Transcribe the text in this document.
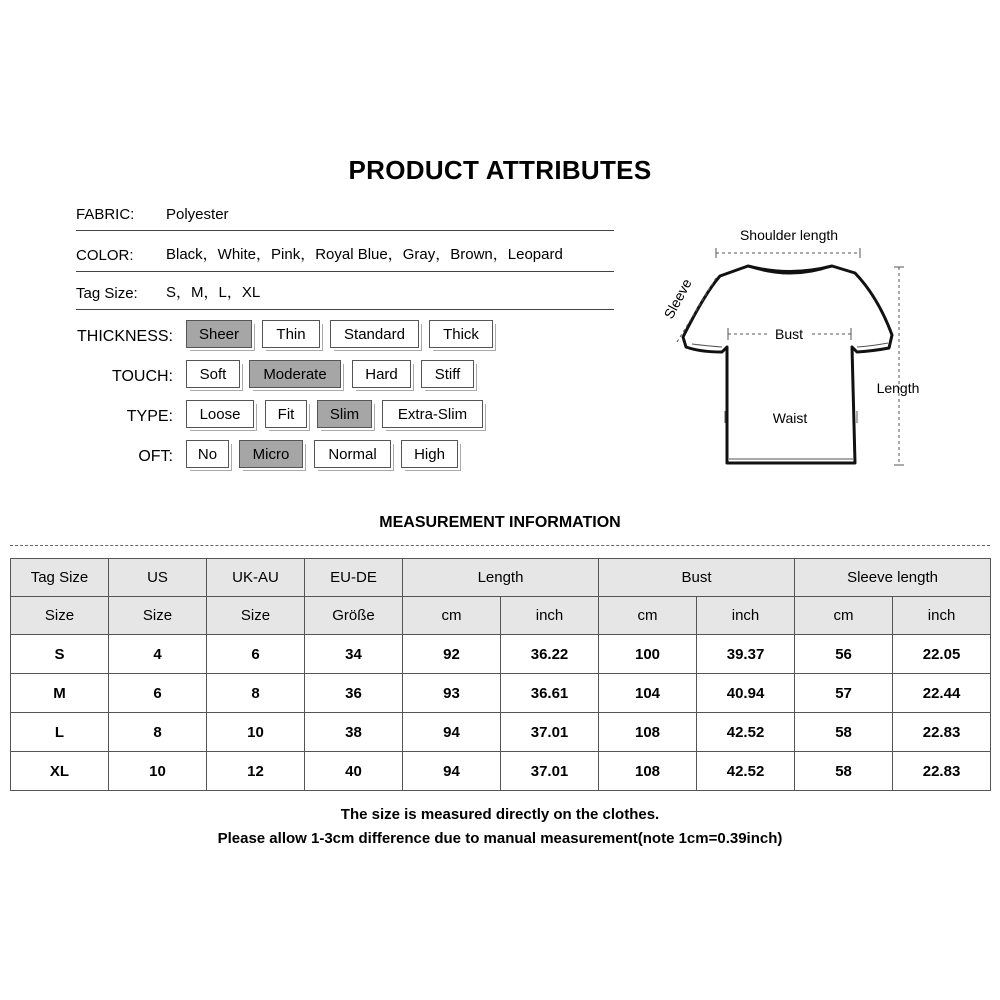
PRODUCT ATTRIBUTES
FABRIC: Polyester
COLOR: Black，White，Pink，Royal Blue，Gray，Brown，Leopard
Tag Size: S，M，L，XL
THICKNESS:
TOUCH:
TYPE:
OFT:
Sheer	Thin	Standard	Thick
Soft	Moderate	Hard	Stiff
Loose	Fit	Slim	Extra-Slim
No	Micro	Normal	High
Shoulder length
Sleeve
Bust
Waist
Length
MEASUREMENT INFORMATION
Tag Size	US	UK-AU	EU-DE	Length		Bust		Sleeve length	
Size	Size	Size	Größe	cm	inch	cm	inch	cm	inch
S	4	6	34	92	36.22	100	39.37	56	22.05
M	6	8	36	93	36.61	104	40.94	57	22.44
L	8	10	38	94	37.01	108	42.52	58	22.83
XL	10	12	40	94	37.01	108	42.52	58	22.83
The size is measured directly on the clothes.
Please allow 1-3cm difference due to manual measurement(note 1cm=0.39inch)
